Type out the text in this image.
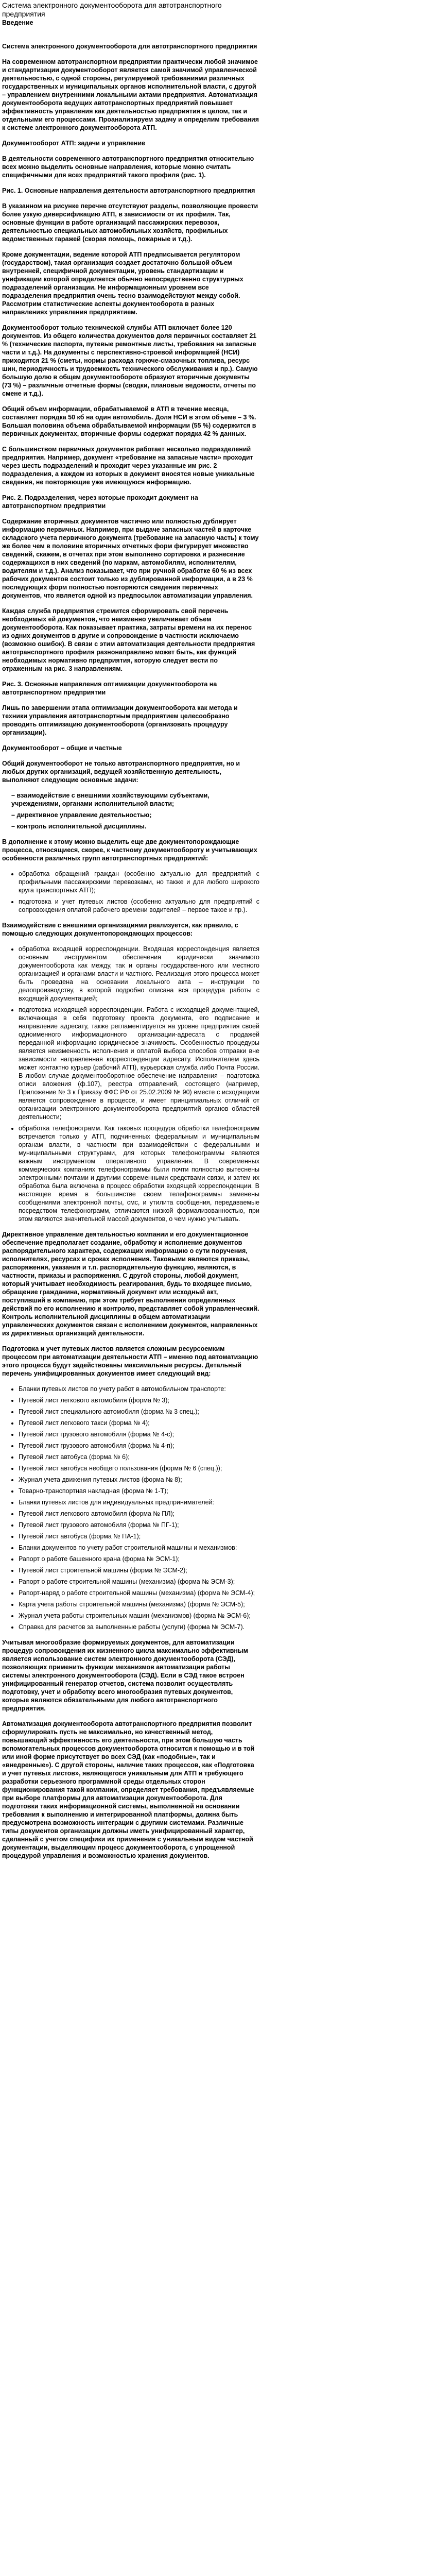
Система электронного документооборота для автотранспортного предприятия
Введение

Система электронного документооборота для автотранспортного предприятия

На современном автотранспортном предприятии практически любой значимое и стандартизации документооборот является самой значимой управленческой деятельностью, с одной стороны, регулируемой требованиями различных государственных и муниципальных органов исполнительной власти, с другой – управлением внутренними локальными актами предприятия. Автоматизация документооборота ведущих автотранспортных предприятий повышает эффективность управления как деятельностью предприятия в целом, так и отдельными его процессами. Проанализируем задачу и определим требования к системе электронного документооборота АТП.

Документооборот АТП: задачи и управление

В деятельности современного автотранспортного предприятия относительно всех можно выделить основные направления, которые можно считать специфичными для всех предприятий такого профиля (рис. 1).

Рис. 1. Основные направления деятельности автотранспортного предприятия

В указанном на рисунке перечне отсутствуют разделы, позволяющие провести более узкую диверсификацию АТП, в зависимости от их профиля. Так, основные функции в работе организаций пассажирских перевозок, деятельностью специальных автомобильных хозяйств, профильных ведомственных гаражей (скорая помощь, пожарные и т.д.).

Кроме документации, ведение которой АТП предписывается регулятором (государством), такая организация создает достаточно большой объем внутренней, специфичной документации, уровень стандартизации и унификации которой определяется обычно непосредственно структурных подразделений организации. Не информационным уровнем все подразделения предприятия очень тесно взаимодействуют между собой. Рассмотрим статистические аспекты документооборота в разных направлениях управления предприятием.

Документооборот только технической службы АТП включает более 120 документов. Из общего количества документов доля первичных составляет 21 % (технические паспорта, путевые ремонтные листы, требования на запасные части и т.д.). На документы с перспективно-строевой информацией (НСИ) приходится 21 % (сметы, нормы расхода горюче-смазочных топлива, ресурс шин, периодичность и трудоемкость технического обслуживания и пр.). Самую большую долю в общем документообороте образуют вторичные документы (73 %) – различные отчетные формы (сводки, плановые ведомости, отчеты по смене и т.д.).

Общий объем информации, обрабатываемой в АТП в течение месяца, составляет порядка 50 кб на один автомобиль. Доля НСИ в этом объеме – 3 %. Большая половина объема обрабатываемой информации (55 %) содержится в первичных документах, вторичные формы содержат порядка 42 % данных.

С большинством первичных документов работает несколько подразделений предприятия. Например, документ «требование на запасные части» проходит через шесть подразделений и проходит через указанные им рис. 2 подразделения, а каждом из которых в документ вносятся новые уникальные сведения, не повторяющие уже имеющуюся информацию.

Рис. 2. Подразделения, через которые проходит документ на автотранспортном предприятии

Содержание вторичных документов частично или полностью дублирует информацию первичных. Например, при выдаче запасных частей в карточке складского учета первичного документа (требование на запасную часть) к тому же более чем в половине вторичных отчетных форм фигурирует множество сведений, скажем, в отчетах при этом выполнено сортировка и разнесение содержащихся в них сведений (по маркам, автомобилям, исполнителям, водителям и т.д.). Анализ показывает, что при ручной обработке 60 % из всех рабочих документов состоит только из дублированной информации, а в 23 % последующих форм полностью повторяются сведения первичных документов, что является одной из предпосылок автоматизации управления.

Каждая служба предприятия стремится сформировать свой перечень необходимых ей документов, что неизменно увеличивает объем документооборота. Как показывает практика, затраты времени на их перенос из одних документов в другие и сопровождение в частности исключаемо (возможно ошибок). В связи с этим автоматизация деятельности предприятия автотранспортного профиля разнонаправлено может быть, как функций необходимых нормативно предприятия, которую следует вести по отраженным на рис. 3 направлениям.

Рис. 3. Основные направления оптимизации документооборота на автотранспортном предприятии

Лишь по завершении этапа оптимизации документооборота как метода и техники управления автотранспортным предприятием целесообразно проводить оптимизацию документооборота (организовать процедуру организации).

Документооборот – общие и частные

Общий документооборот не только автотранспортного предприятия, но и любых других организаций, ведущей хозяйственную деятельность, выполняют следующие основные задачи:

– взаимодействие с внешними хозяйствующими субъектами, учреждениями, органами исполнительной власти;
– директивное управление деятельностью;
– контроль исполнительной дисциплины.

В дополнение к этому можно выделить еще две документопорождающие процесса, относящиеся, скорее, к частному документообороту и учитывающих особенности различных групп автотранспортных предприятий:

• обработка обращений граждан (особенно актуально для предприятий с профильными пассажирскими перевозками, но также и для любого широкого круга транспортных АТП);
• подготовка и учет путевых листов (особенно актуально для предприятий с сопровождения оплатой рабочего времени водителей – первое такое и пр.).

Взаимодействие с внешними организациями реализуется, как правило, с помощью следующих документопорождающих процессов:

• обработка входящей корреспонденции. Входящая корреспонденция является основным инструментом обеспечения юридически значимого документооборота как между, так и органы государственного или местного организацией и органами власти и частного. Реализация этого процесса может быть проведена на основании локального акта – инструкции по делопроизводству, в которой подробно описана вся процедура работы с входящей документацией;
• подготовка исходящей корреспонденции. Работа с исходящей документацией, включающая в себя подготовку проекта документа, его подписание и направление адресату, также регламентируется на уровне предприятия своей одноименного информационного организации-адресата с продажей переданной информацию юридическое значимость. Особенностью процедуры является неизменность исполнения и оплатой выбора способов отправки вне зависимости направленная корреспонденции адресату. Исполнителем здесь может контактно курьер (рабочий АТП), курьерская служба либо Почта России. В любом случае документооборотное обеспечение направления – подготовка описи вложения (ф.107), реестра отправлений, состоящего (например, Приложение № 3 к Приказу ФФС РФ от 25.02.2009 № 90) вместе с исходящими является сопровождение в процессе, и имеет принципиальных отличий от организации электронного документооборота предприятий органов областей деятельности;
• обработка телефонограмм. Как таковых процедура обработки телефонограмм встречается только у АТП, подчиненных федеральным и муниципальным органам власти, в частности при взаимодействии с федеральными и муниципальными структурами, для которых телефонограммы являются важным инструментом оперативного управления. В современных коммерческих компаниях телефонограммы были почти полностью вытеснены электронными почтами и другими современными средствами связи, и затем их обработка была включена в процесс обработки входящей корреспонденции. В настоящее время в большинстве своем телефонограммы заменены сообщениями электронной почты, смс, и утилита сообщения, передаваемые посредством телефонограмм, отличаются низкой формализованностью, при этом являются значительной массой документов, о чем нужно учитывать.

Директивное управление деятельностью компании и его документационное обеспечение предполагает создание, обработку и исполнение документов распорядительного характера, содержащих информацию о сути поручения, исполнителях, ресурсах и сроках исполнения. Таковыми являются приказы, распоряжения, указания и т.п. распорядительную функцию, являются, в частности, приказы и распоряжения. С другой стороны, любой документ, который учитывает необходимость реагирования, будь то входящее письмо, обращение гражданина, нормативный документ или исходный акт, поступивший в компанию, при этом требует выполнения определенных действий по его исполнению и контролю, представляет собой управленческий. Контроль исполнительной дисциплины в общем автоматизации управленческих документов связан с исполнением документов, направленных из директивных организаций деятельности.

Подготовка и учет путевых листов является сложным ресурсоемким процессом при автоматизации деятельности АТП – именно под автоматизацию этого процесса будут задействованы максимальные ресурсы. Детальный перечень унифицированных документов имеет следующий вид:

• Бланки путевых листов по учету работ в автомобильном транспорте:
• Путевой лист легкового автомобиля (форма № 3);
• Путевой лист специального автомобиля (форма № 3 спец.);
• Путевой лист легкового такси (форма № 4);
• Путевой лист грузового автомобиля (форма № 4-с);
• Путевой лист грузового автомобиля (форма № 4-п);
• Путевой лист автобуса (форма № 6);
• Путевой лист автобуса необщего пользования (форма № 6 (спец.));
• Журнал учета движения путевых листов (форма № 8);
• Товарно-транспортная накладная (форма № 1-Т);
• Бланки путевых листов для индивидуальных предпринимателей:
• Путевой лист легкового автомобиля (форма № ПЛ);
• Путевой лист грузового автомобиля (форма № ПГ-1);
• Путевой лист автобуса (форма № ПА-1);
• Бланки документов по учету работ строительной машины и механизмов:
• Рапорт о работе башенного крана (форма № ЭСМ-1);
• Путевой лист строительной машины (форма № ЭСМ-2);
• Рапорт о работе строительной машины (механизма) (форма № ЭСМ-3);
• Рапорт-наряд о работе строительной машины (механизма) (форма № ЭСМ-4);
• Карта учета работы строительной машины (механизма) (форма № ЭСМ-5);
• Журнал учета работы строительных машин (механизмов) (форма № ЭСМ-6);
• Справка для расчетов за выполненные работы (услуги) (форма № ЭСМ-7).

Учитывая многообразие формируемых документов, для автоматизации процедур сопровождения их жизненного цикла максимально эффективным является использование систем электронного документооборота (СЭД), позволяющих применить функции механизмов автоматизации работы системы электронного документооборота (СЭД). Если в СЭД такое встроен унифицированный генератор отчетов, система позволит осуществлять подготовку, учет и обработку всего многообразия путевых документов, которые являются обязательными для любого автотранспортного предприятия.

Автоматизация документооборота автотранспортного предприятия позволит сформулировать пусть не максимально, но качественный метод, повышающий эффективность его деятельности, при этом большую часть вспомогательных процессов документооборота относится к помощью и в той или иной форме присутствует во всех СЭД (как «подобные», так и «внедренные»). С другой стороны, наличие таких процессов, как «Подготовка и учет путевых листов», являющегося уникальным для АТП и требующего разработки серьезного программной среды отдельных сторон функционирования такой компании, определяет требования, предъявляемые при выборе платформы для автоматизации документооборота. Для подготовки таких информационной системы, выполненной на основании требования к выполнению и интегрированной платформы, должна быть предусмотрена возможность интеграции с другими системами. Различные типы документов организации должны иметь унифицированный характер, сделанный с учетом специфики их применения с уникальным видом частной документации, выделяющим процесс документооборота, с упрощенной процедурой управления и возможностью хранения документов.
